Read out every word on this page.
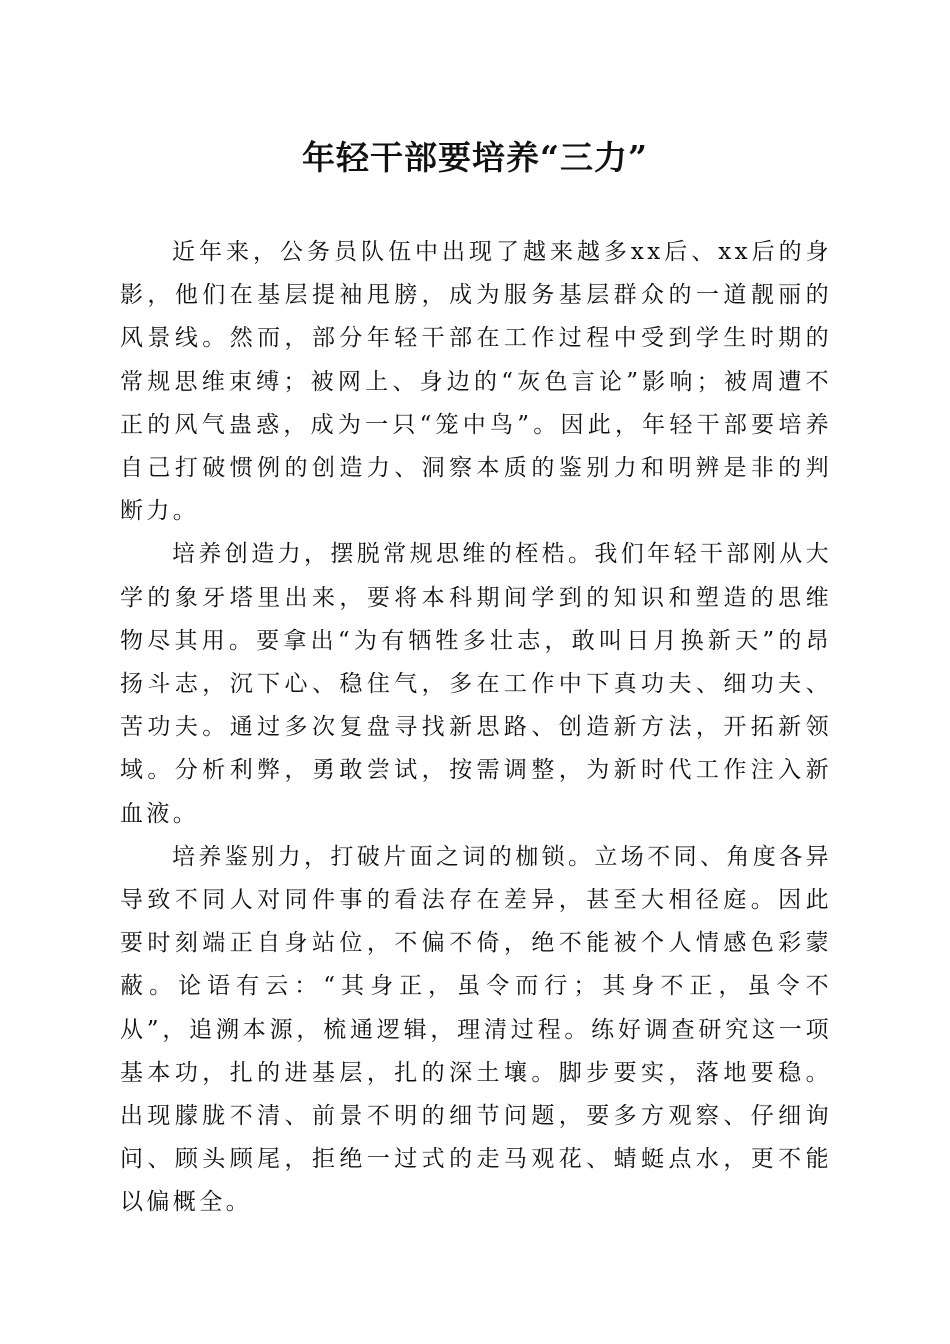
年轻干部要培养“三力”

近年来，公务员队伍中出现了越来越多xx后、xx后的身影，他们在基层提袖甩膀，成为服务基层群众的一道靓丽的风景线。然而，部分年轻干部在工作过程中受到学生时期的常规思维束缚；被网上、身边的“灰色言论”影响；被周遭不正的风气蛊惑，成为一只“笼中鸟”。因此，年轻干部要培养自己打破惯例的创造力、洞察本质的鉴别力和明辨是非的判断力。

培养创造力，摆脱常规思维的桎梏。我们年轻干部刚从大学的象牙塔里出来，要将本科期间学到的知识和塑造的思维物尽其用。要拿出“为有牺牲多壮志，敢叫日月换新天”的昂扬斗志，沉下心、稳住气，多在工作中下真功夫、细功夫、苦功夫。通过多次复盘寻找新思路、创造新方法，开拓新领域。分析利弊，勇敢尝试，按需调整，为新时代工作注入新血液。

培养鉴别力，打破片面之词的枷锁。立场不同、角度各异导致不同人对同件事的看法存在差异，甚至大相径庭。因此要时刻端正自身站位，不偏不倚，绝不能被个人情感色彩蒙蔽。论语有云：“其身正，虽令而行；其身不正，虽令不从”，追溯本源，梳通逻辑，理清过程。练好调查研究这一项基本功，扎的进基层，扎的深土壤。脚步要实，落地要稳。出现朦胧不清、前景不明的细节问题，要多方观察、仔细询问、顾头顾尾，拒绝一过式的走马观花、蜻蜓点水，更不能以偏概全。
